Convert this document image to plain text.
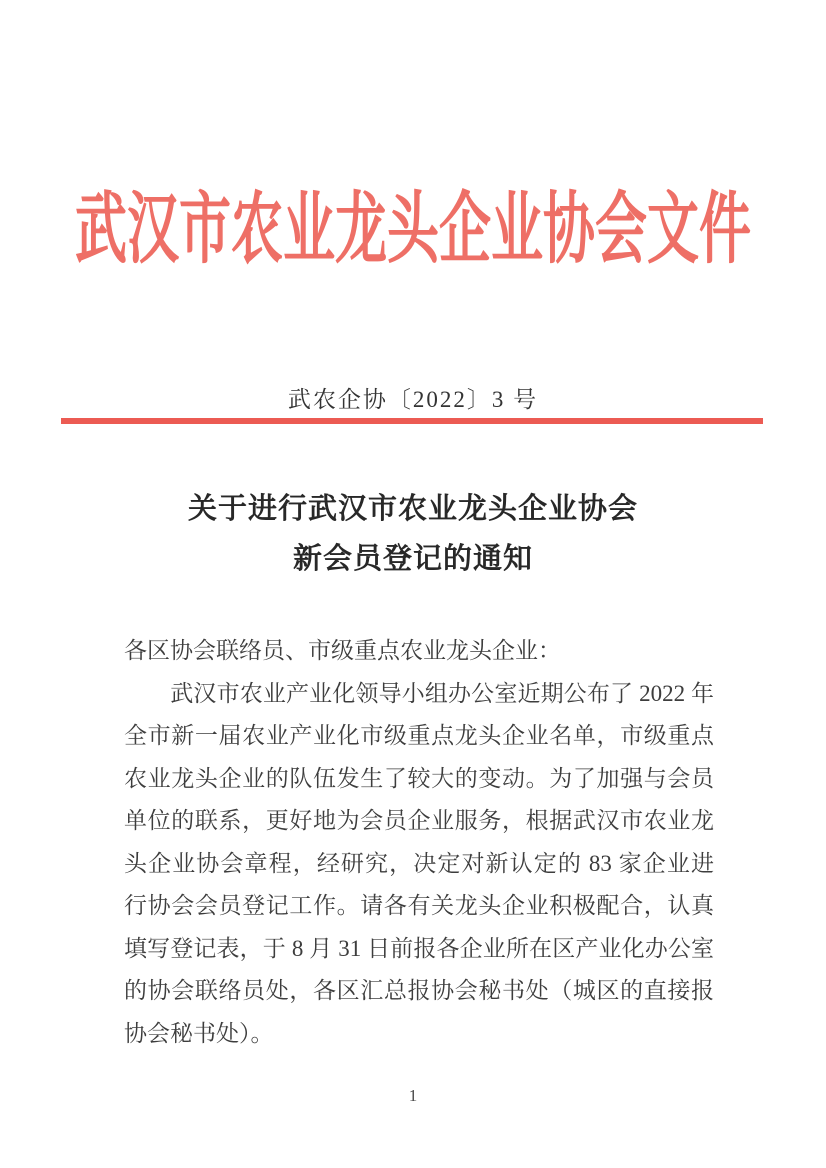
武汉市农业龙头企业协会文件
武农企协〔2022〕3 号
关于进行武汉市农业龙头企业协会
新会员登记的通知
各区协会联络员、市级重点农业龙头企业：
　　武汉市农业产业化领导小组办公室近期公布了 2022 年
全市新一届农业产业化市级重点龙头企业名单，市级重点
农业龙头企业的队伍发生了较大的变动。为了加强与会员
单位的联系，更好地为会员企业服务，根据武汉市农业龙
头企业协会章程，经研究，决定对新认定的 83 家企业进
行协会会员登记工作。请各有关龙头企业积极配合，认真
填写登记表，于 8 月 31 日前报各企业所在区产业化办公室
的协会联络员处，各区汇总报协会秘书处（城区的直接报
协会秘书处）。
1
